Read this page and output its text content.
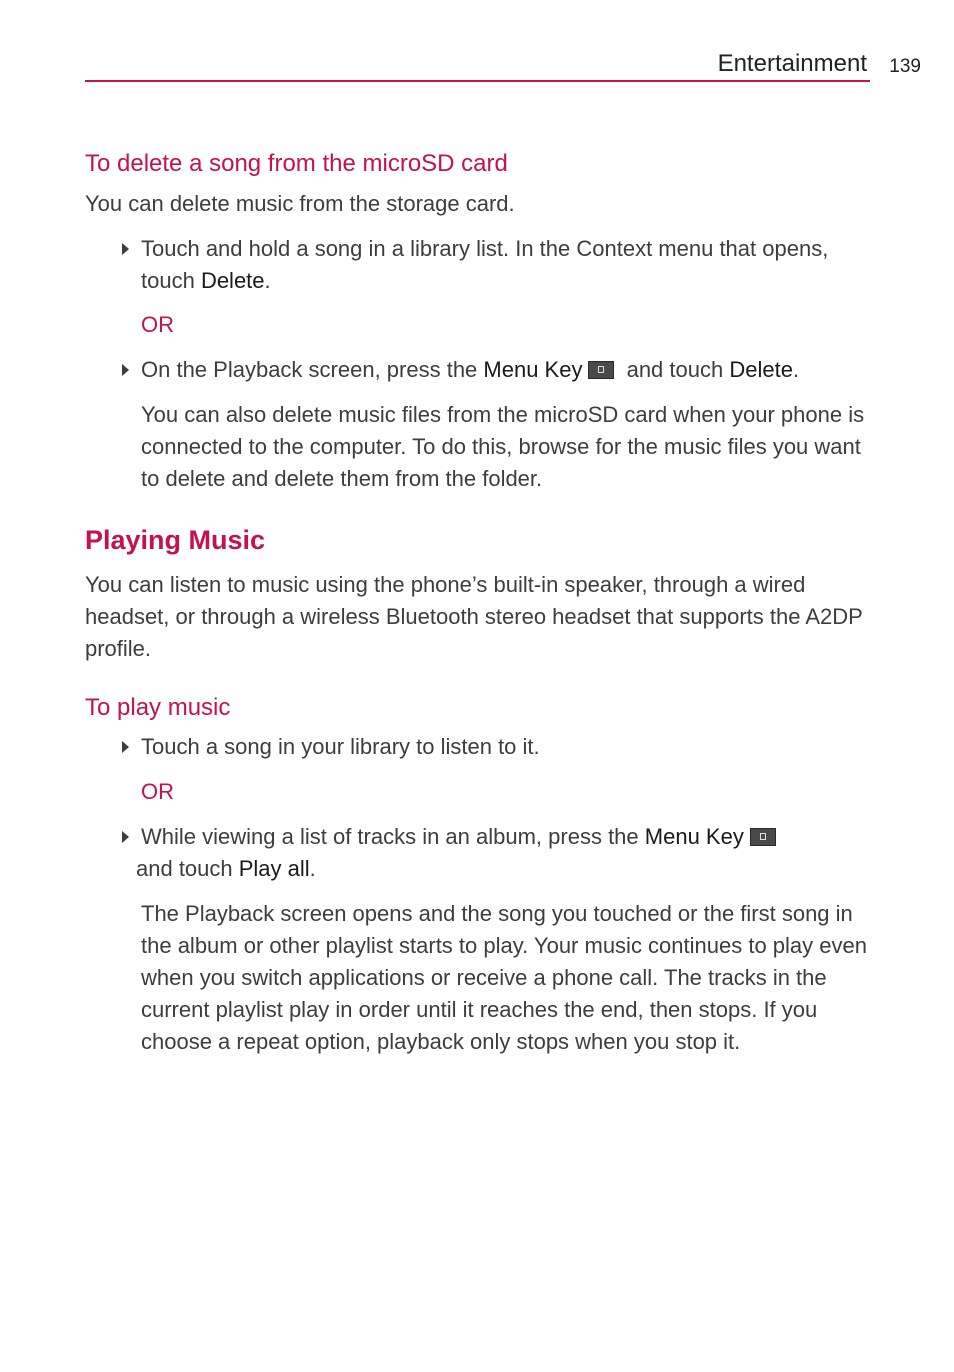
Entertainment 139
To delete a song from the microSD card

You can delete music from the storage card.

Touch and hold a song in a library list. In the Context menu that opens, touch Delete.
OR
On the Playback screen, press the Menu Key and touch Delete.

You can also delete music files from the microSD card when your phone is connected to the computer. To do this, browse for the music files you want to delete and delete them from the folder.

Playing Music

You can listen to music using the phone’s built-in speaker, through a wired headset, or through a wireless Bluetooth stereo headset that supports the A2DP profile.

To play music
Touch a song in your library to listen to it.
OR
While viewing a list of tracks in an album, press the Menu Key
and touch Play all.

The Playback screen opens and the song you touched or the first song in the album or other playlist starts to play. Your music continues to play even when you switch applications or receive a phone call. The tracks in the current playlist play in order until it reaches the end, then stops. If you choose a repeat option, playback only stops when you stop it.
